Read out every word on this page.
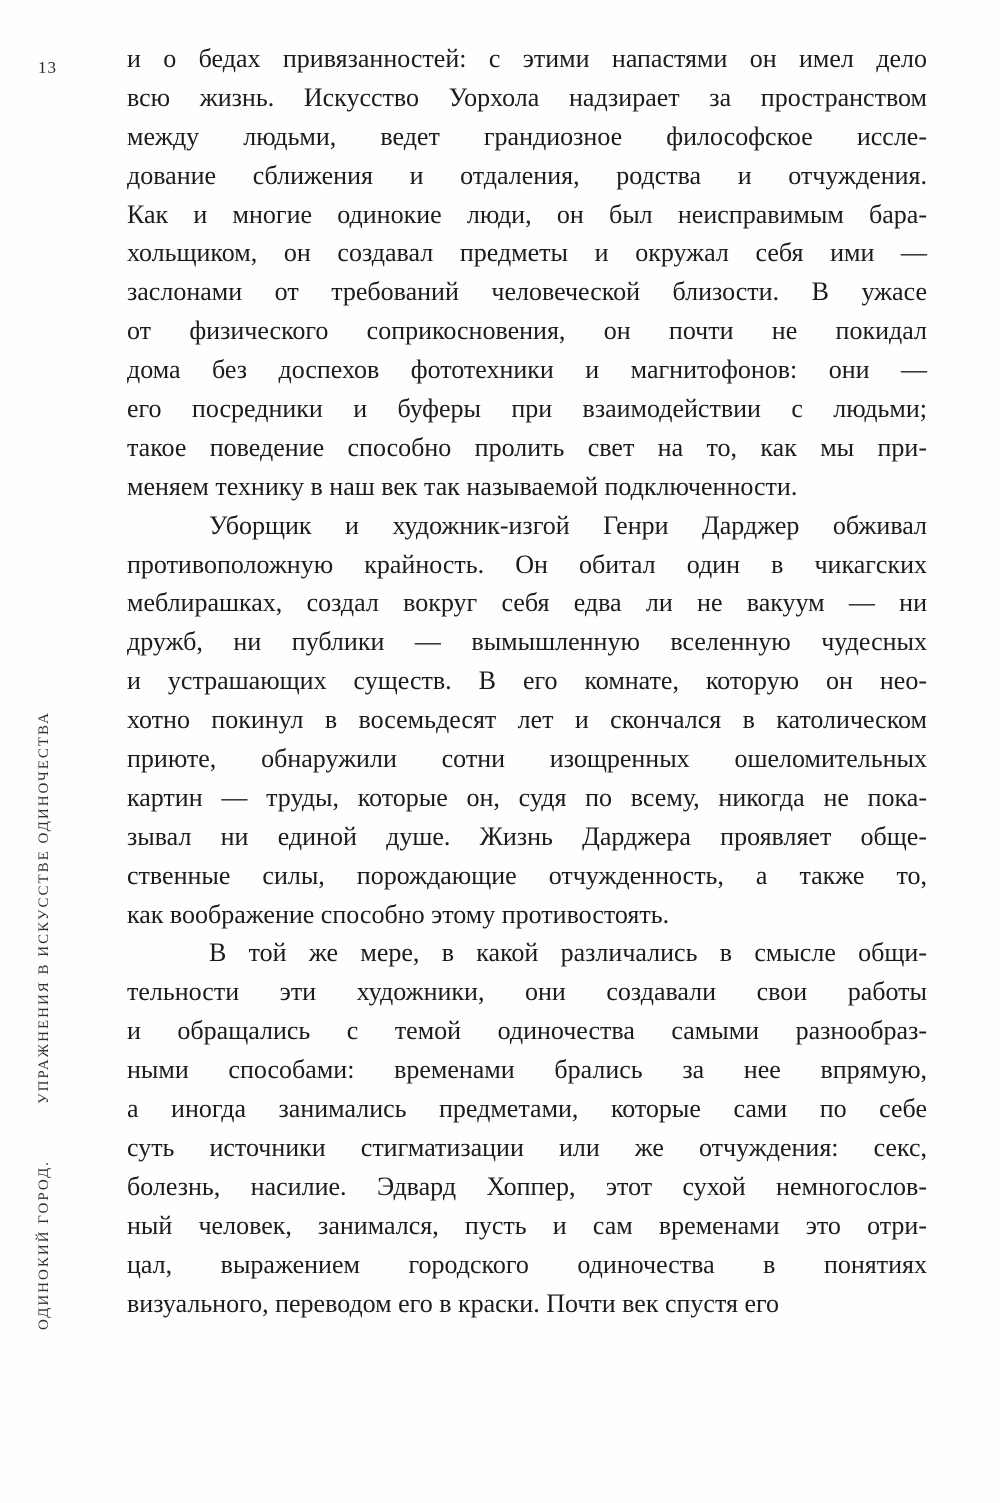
13
ОДИНОКИЙ ГОРОД.УПРАЖНЕНИЯ В ИСКУССТВЕ ОДИНОЧЕСТВА
и о бедах привязанностей: с этими напастями он имел дело
всю жизнь. Искусство Уорхола надзирает за пространством
между людьми, ведет грандиозное философское иссле-
дование сближения и отдаления, родства и отчуждения.
Как и многие одинокие люди, он был неисправимым бара-
хольщиком, он создавал предметы и окружал себя ими —
заслонами от требований человеческой близости. В ужасе
от физического соприкосновения, он почти не покидал
дома без доспехов фототехники и магнитофонов: они —
его посредники и буферы при взаимодействии с людьми;
такое поведение способно пролить свет на то, как мы при-
меняем технику в наш век так называемой подключенности.
Уборщик и художник-изгой Генри Дарджер обживал
противоположную крайность. Он обитал один в чикагских
меблирашках, создал вокруг себя едва ли не вакуум — ни
дружб, ни публики — вымышленную вселенную чудесных
и устрашающих существ. В его комнате, которую он нео-
хотно покинул в восемьдесят лет и скончался в католическом
приюте, обнаружили сотни изощренных ошеломительных
картин — труды, которые он, судя по всему, никогда не пока-
зывал ни единой душе. Жизнь Дарджера проявляет обще-
ственные силы, порождающие отчужденность, а также то,
как воображение способно этому противостоять.
В той же мере, в какой различались в смысле общи-
тельности эти художники, они создавали свои работы
и обращались с темой одиночества самыми разнообраз-
ными способами: временами брались за нее впрямую,
а иногда занимались предметами, которые сами по себе
суть источники стигматизации или же отчуждения: секс,
болезнь, насилие. Эдвард Хоппер, этот сухой немногослов-
ный человек, занимался, пусть и сам временами это отри-
цал, выражением городского одиночества в понятиях
визуального, переводом его в краски. Почти век спустя его
